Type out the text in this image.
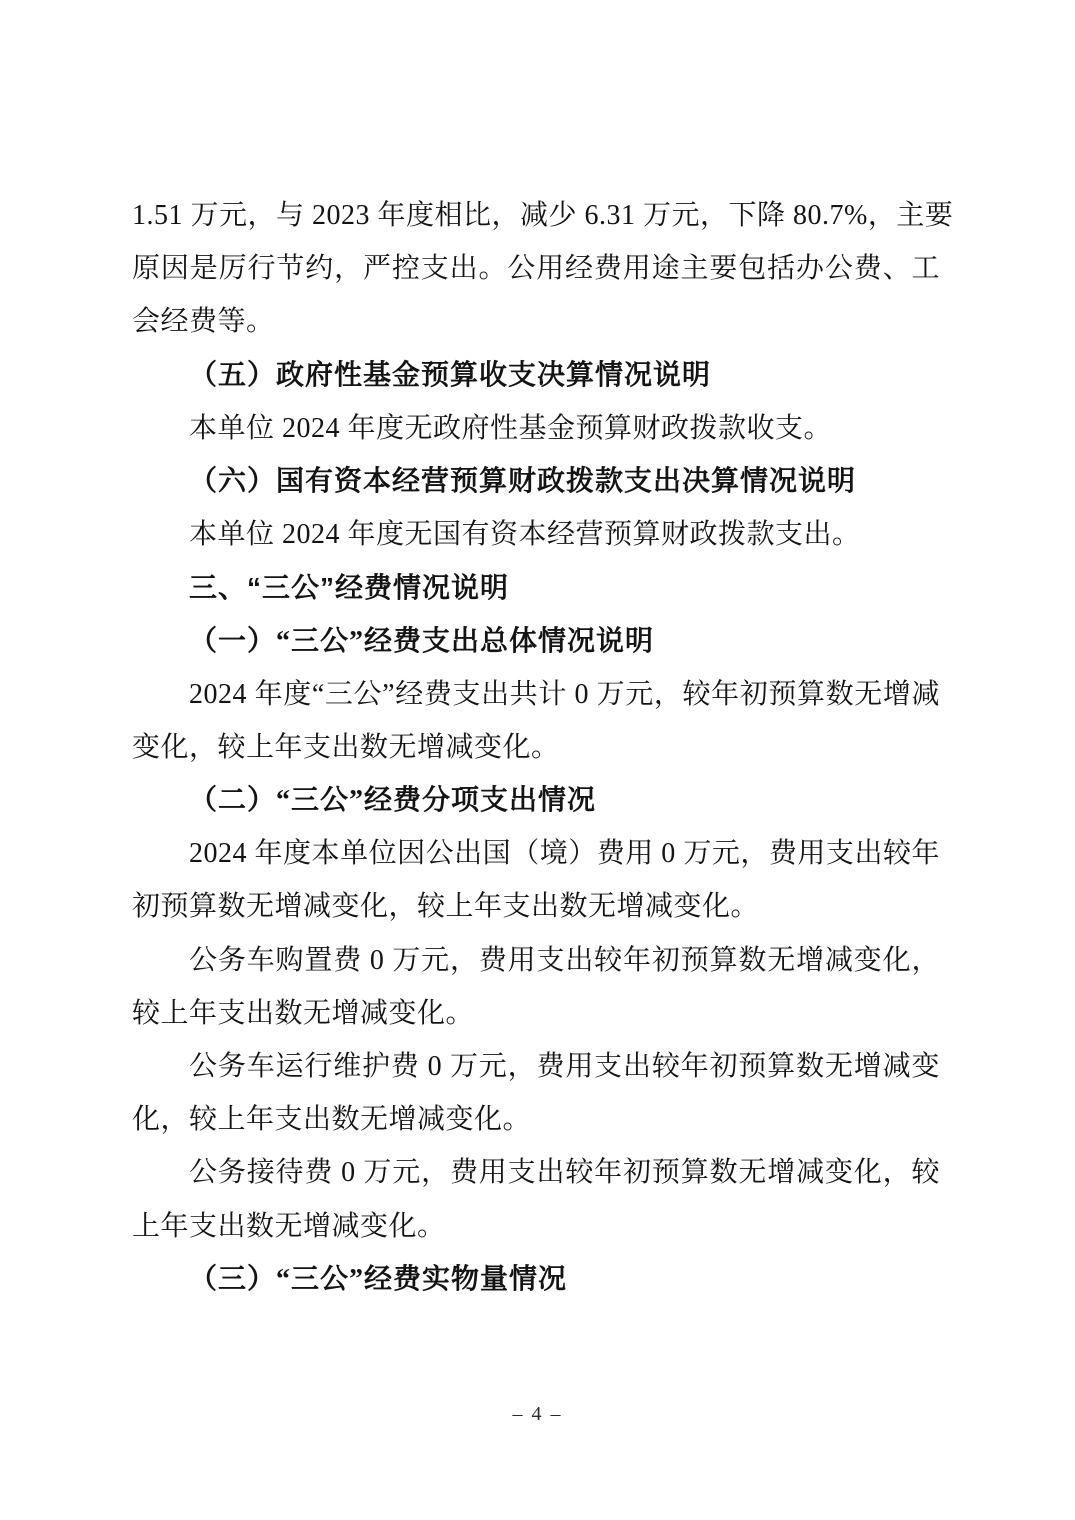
1.51 万元，与 2023 年度相比，减少 6.31 万元，下降 80.7%，主要
原因是厉行节约，严控支出。公用经费用途主要包括办公费、工
会经费等。
（五）政府性基金预算收支决算情况说明
本单位 2024 年度无政府性基金预算财政拨款收支。
（六）国有资本经营预算财政拨款支出决算情况说明
本单位 2024 年度无国有资本经营预算财政拨款支出。
三、“三公”经费情况说明
（一）“三公”经费支出总体情况说明
2024 年度“三公”经费支出共计 0 万元，较年初预算数无增减
变化，较上年支出数无增减变化。
（二）“三公”经费分项支出情况
2024 年度本单位因公出国（境）费用 0 万元，费用支出较年
初预算数无增减变化，较上年支出数无增减变化。
公务车购置费 0 万元，费用支出较年初预算数无增减变化，
较上年支出数无增减变化。
公务车运行维护费 0 万元，费用支出较年初预算数无增减变
化，较上年支出数无增减变化。
公务接待费 0 万元，费用支出较年初预算数无增减变化，较
上年支出数无增减变化。
（三）“三公”经费实物量情况
– 4 –
